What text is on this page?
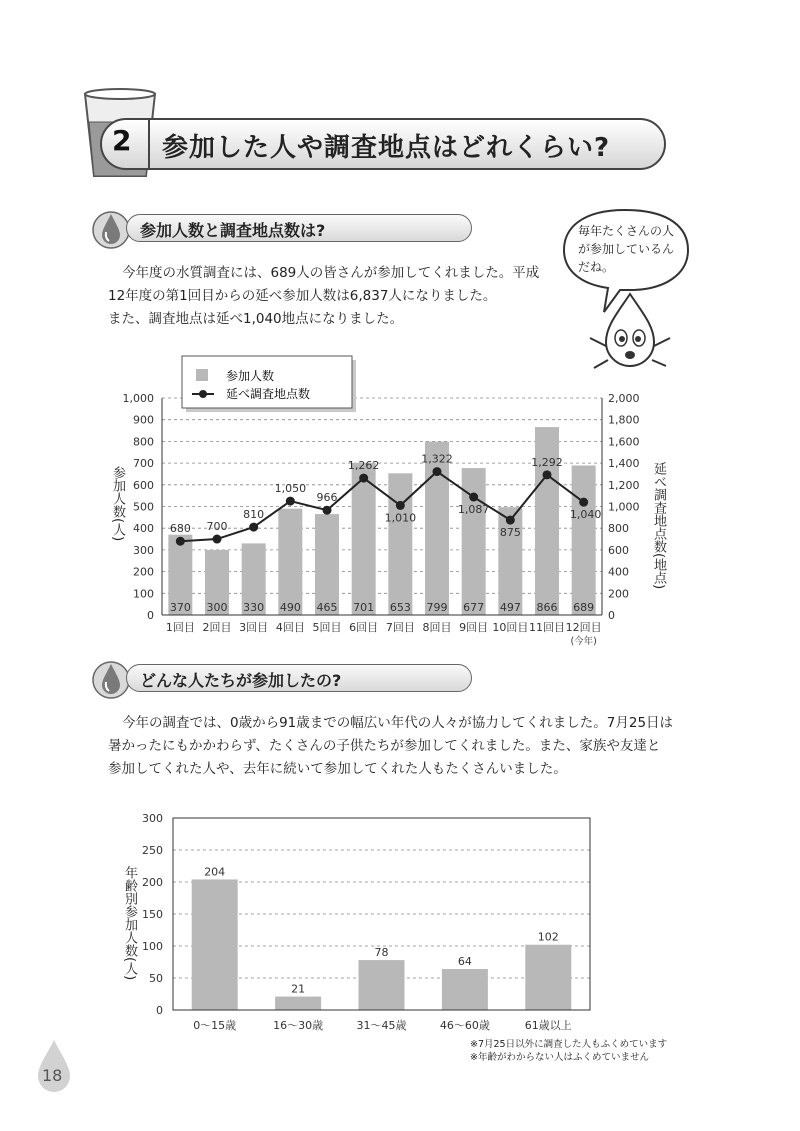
2 参加した人や調査地点はどれくらい?
参加人数と調査地点数は?
今年度の水質調査には、689人の皆さんが参加してくれました。平成
12年度の第1回目からの延べ参加人数は6,837人になりました。
また、調査地点は延べ1,040地点になりました。
毎年たくさんの人
が参加しているん
だね。
0	0
100	200
200	400
300	600
400	800
500	1,000
600	1,200
700	1,400
800	1,600
900	1,800
1,000	2,000
370 300 330 490 465 701 653 799 677 497 866 689
680 700
810
1,050
966
1,262
1,010
1,322
1,087
875
1,292
1,040
1回目 2回目 3回目 4回目 5回目 6回目 7回目 8回目 9回目 10回目 11回目 12回目
(今年)
参加人数
延べ調査地点数
参加人数(人)	延べ調査地点数(地点)
どんな人たちが参加したの?
今年の調査では、0歳から91歳までの幅広い年代の人々が協力してくれました。7月25日は
暑かったにもかかわらず、たくさんの子供たちが参加してくれました。また、家族や友達と
参加してくれた人や、去年に続いて参加してくれた人もたくさんいました。
0
50
100
150
200
250
300
204
0〜15歳
21
16〜30歳
78
31〜45歳
64
46〜60歳
102
61歳以上
年齢別参加人数(人)
※7月25日以外に調査した人もふくめています
※年齢がわからない人はふくめていません
18
